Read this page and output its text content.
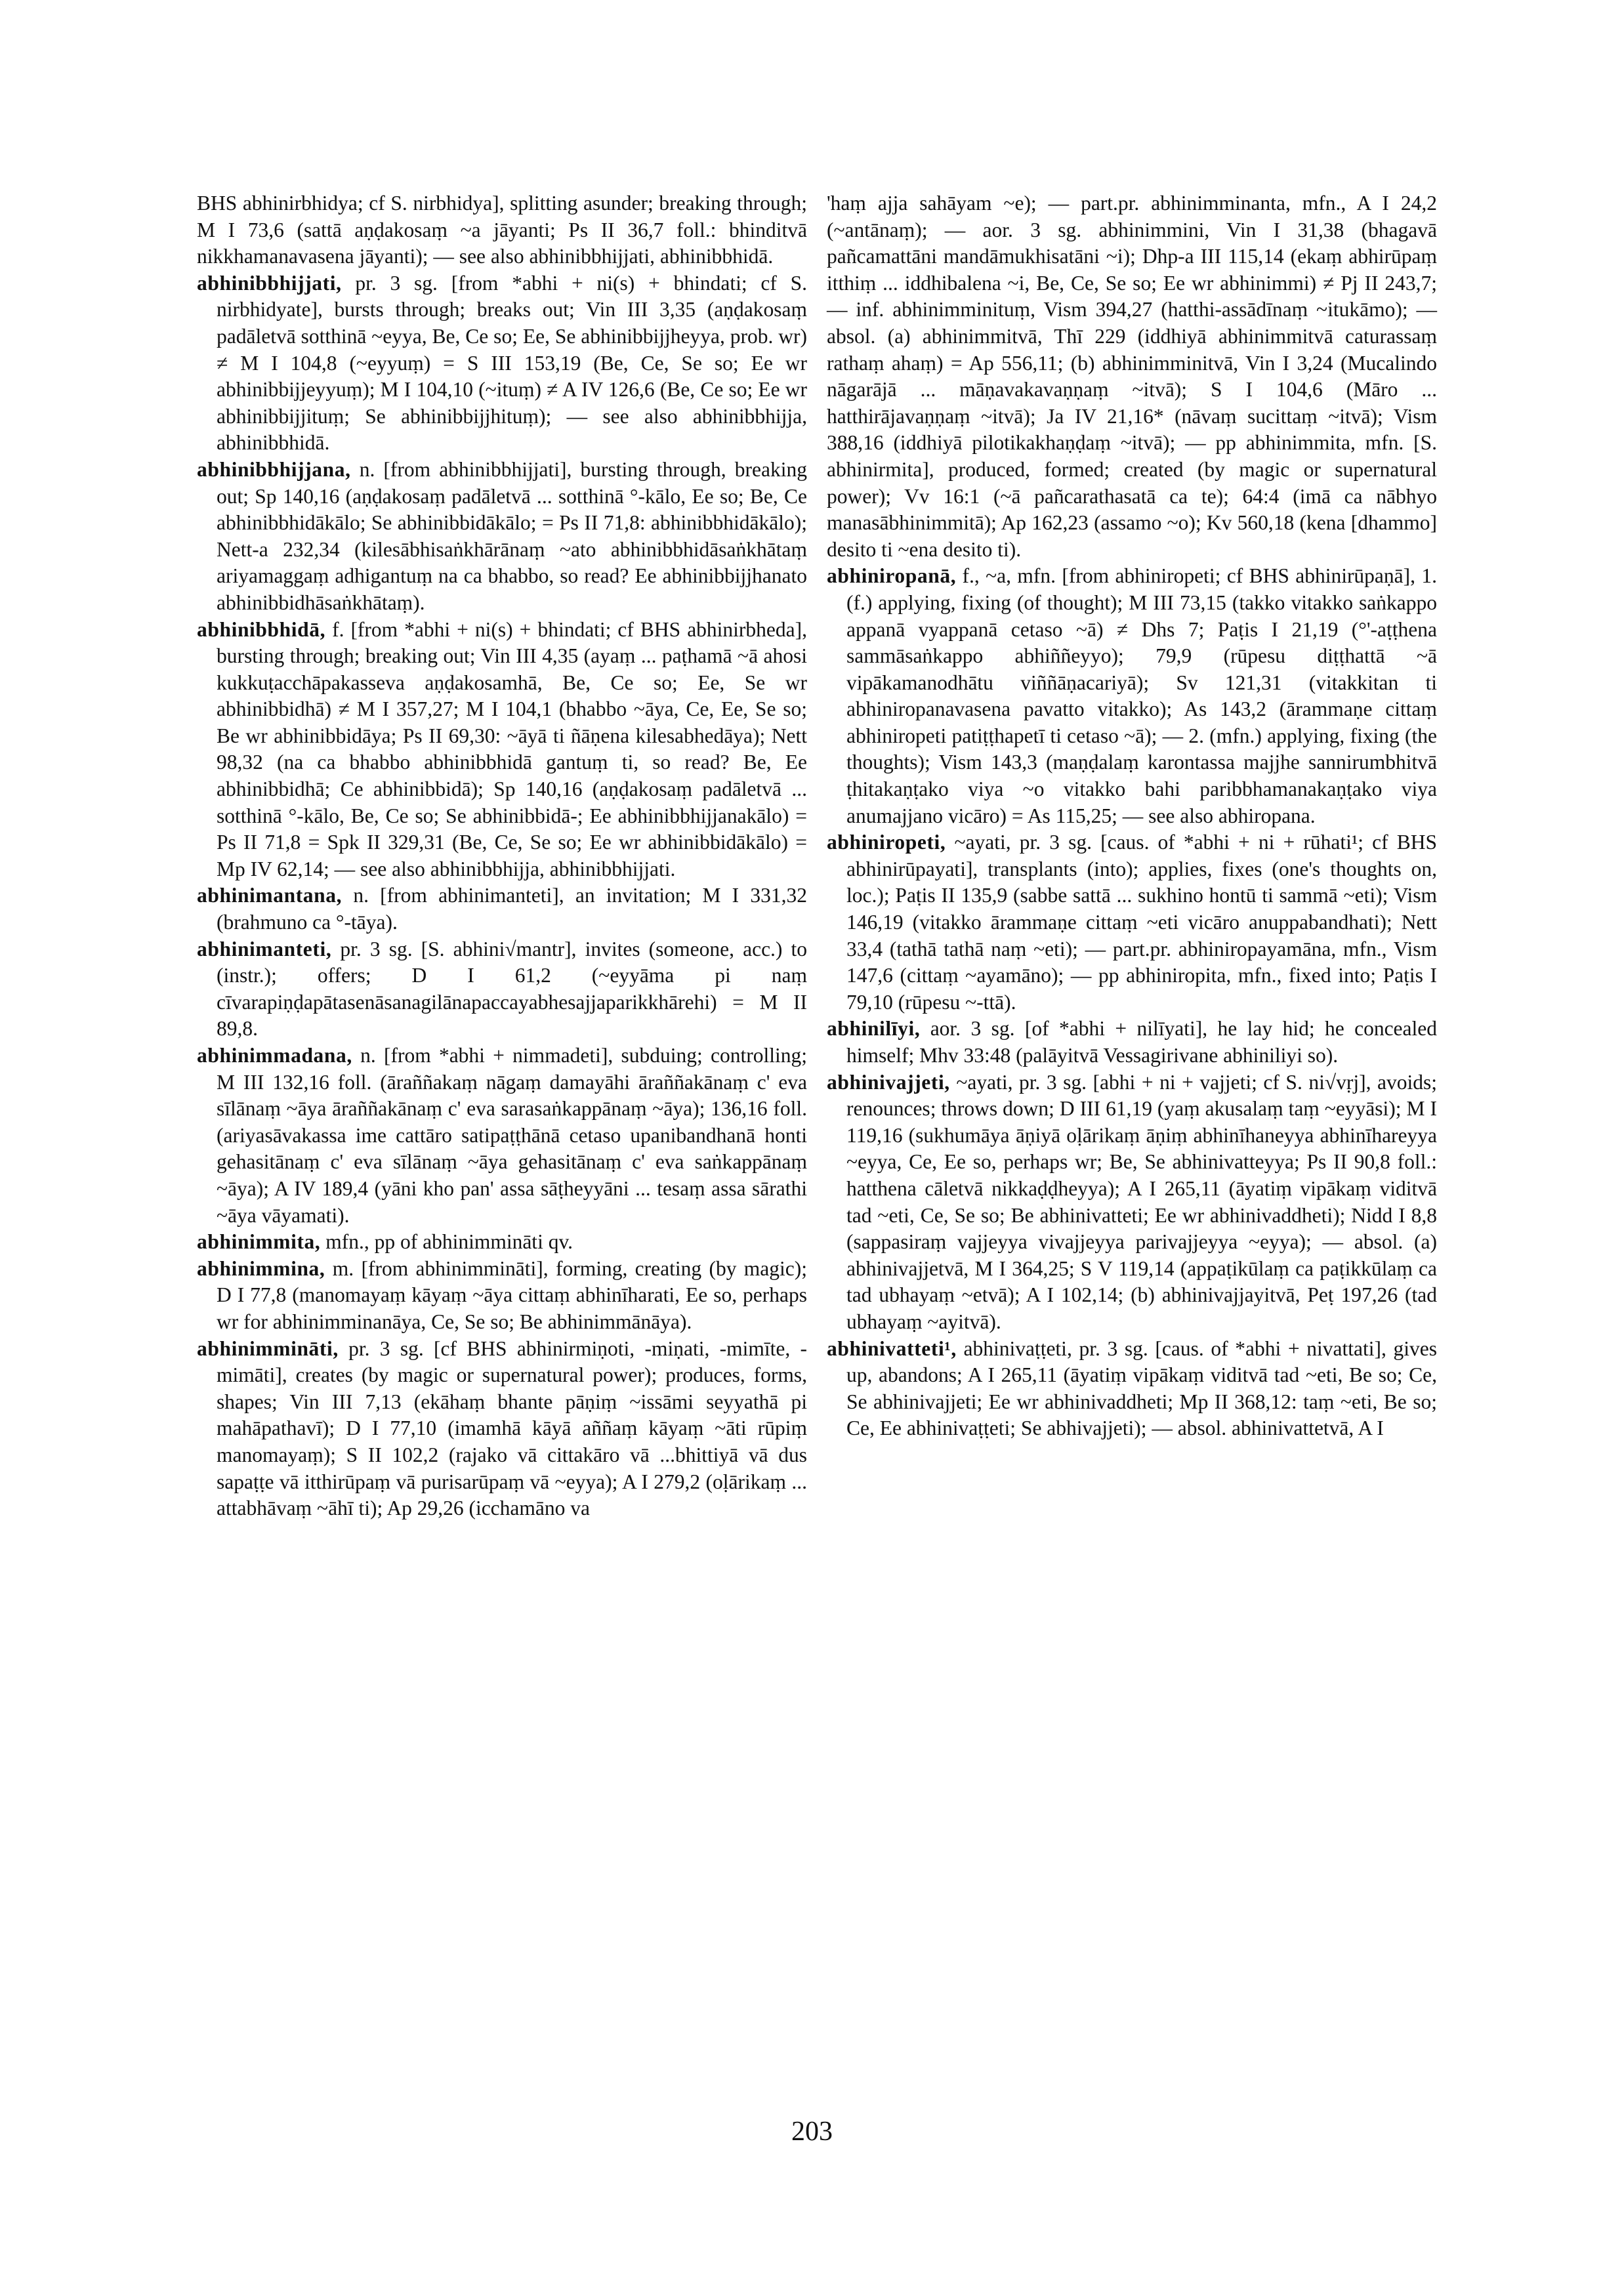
BHS abhinirbhidya; cf S. nirbhidya], splitting asunder; breaking through; M I 73,6 (sattā aṇḍakosaṃ ~a jāyanti; Ps II 36,7 foll.: bhinditvā nikkhamanavasena jāyanti); — see also abhinibbhijjati, abhinibbhidā.

abhinibbhijjati, pr. 3 sg. [from *abhi + ni(s) + bhindati; cf S. nirbhidyate], bursts through; breaks out; Vin III 3,35 (aṇḍakosaṃ padāletvā sotthinā ~eyya, Be, Ce so; Ee, Se abhinibbijjheyya, prob. wr) ≠ M I 104,8 (~eyyuṃ) = S III 153,19 (Be, Ce, Se so; Ee wr abhinibbijjeyyuṃ); M I 104,10 (~ituṃ) ≠ A IV 126,6 (Be, Ce so; Ee wr abhinibbijjituṃ; Se abhinibbijjhituṃ); — see also abhinibbhijja, abhinibbhidā.

abhinibbhijjana, n. [from abhinibbhijjati], bursting through, breaking out; Sp 140,16 (aṇḍakosaṃ padāletvā ... sotthinā °-kālo, Ee so; Be, Ce abhinibbhidākālo; Se abhinibbidākālo; = Ps II 71,8: abhinibbhidākālo); Nett-a 232,34 (kilesābhisaṅkhārānaṃ ~ato abhinibbhidāsaṅkhātaṃ ariyamaggaṃ adhigantuṃ na ca bhabbo, so read? Ee abhinibbijjhanato abhinibbidhāsaṅkhātaṃ).

abhinibbhidā, f. [from *abhi + ni(s) + bhindati; cf BHS abhinirbheda], bursting through; breaking out; Vin III 4,35 (ayaṃ ... paṭhamā ~ā ahosi kukkuṭacchāpakasseva aṇḍakosamhā, Be, Ce so; Ee, Se wr abhinibbidhā) ≠ M I 357,27; M I 104,1 (bhabbo ~āya, Ce, Ee, Se so; Be wr abhinibbidāya; Ps II 69,30: ~āyā ti ñāṇena kilesabhedāya); Nett 98,32 (na ca bhabbo abhinibbhidā gantuṃ ti, so read? Be, Ee abhinibbidhā; Ce abhinibbidā); Sp 140,16 (aṇḍakosaṃ padāletvā ... sotthinā °-kālo, Be, Ce so; Se abhinibbidā-; Ee abhinibbhijjanakālo) = Ps II 71,8 = Spk II 329,31 (Be, Ce, Se so; Ee wr abhinibbidākālo) = Mp IV 62,14; — see also abhinibbhijja, abhinibbhijjati.

abhinimantana, n. [from abhinimanteti], an invitation; M I 331,32 (brahmuno ca °-tāya).

abhinimanteti, pr. 3 sg. [S. abhini√mantr], invites (someone, acc.) to (instr.); offers; D I 61,2 (~eyyāma pi naṃ cīvarapiṇḍapātasenāsanagilānapaccayabhesajjaparikkhārehi) = M II 89,8.

abhinimmadana, n. [from *abhi + nimmadeti], subduing; controlling; M III 132,16 foll. (āraññakaṃ nāgaṃ damayāhi āraññakānaṃ c' eva sīlānaṃ ~āya āraññakānaṃ c' eva sarasaṅkappānaṃ ~āya); 136,16 foll. (ariyasāvakassa ime cattāro satipaṭṭhānā cetaso upanibandhanā honti gehasitānaṃ c' eva sīlānaṃ ~āya gehasitānaṃ c' eva saṅkappānaṃ ~āya); A IV 189,4 (yāni kho pan' assa sāṭheyyāni ... tesaṃ assa sārathi ~āya vāyamati).

abhinimmita, mfn., pp of abhinimmināti qv.

abhinimmina, m. [from abhinimmināti], forming, creating (by magic); D I 77,8 (manomayaṃ kāyaṃ ~āya cittaṃ abhinīharati, Ee so, perhaps wr for abhinimminanāya, Ce, Se so; Be abhinimmānāya).

abhinimmināti, pr. 3 sg. [cf BHS abhinirmiṇoti, -miṇati, -mimīte, -mimāti], creates (by magic or supernatural power); produces, forms, shapes; Vin III 7,13 (ekāhaṃ bhante pāṇiṃ ~issāmi seyyathā pi mahāpathavī); D I 77,10 (imamhā kāyā aññaṃ kāyaṃ ~āti rūpiṃ manomayaṃ); S II 102,2 (rajako vā cittakāro vā ...bhittiyā vā dus sapaṭṭe vā itthirūpaṃ vā purisarūpaṃ vā ~eyya); A I 279,2 (oḷārikaṃ ... attabhāvaṃ ~āhī ti); Ap 29,26 (icchamāno va

'haṃ ajja sahāyam ~e); — part.pr. abhinimminanta, mfn., A I 24,2 (~antānaṃ); — aor. 3 sg. abhinimmini, Vin I 31,38 (bhagavā pañcamattāni mandāmukhisatāni ~i); Dhp-a III 115,14 (ekaṃ abhirūpaṃ itthiṃ ... iddhibalena ~i, Be, Ce, Se so; Ee wr abhinimmi) ≠ Pj II 243,7; — inf. abhinimminituṃ, Vism 394,27 (hatthi-assādīnaṃ ~itukāmo); — absol. (a) abhinimmitvā, Thī 229 (iddhiyā abhinimmitvā caturassaṃ rathaṃ ahaṃ) = Ap 556,11; (b) abhinimminitvā, Vin I 3,24 (Mucalindo nāgarājā ... māṇavakavaṇṇaṃ ~itvā); S I 104,6 (Māro ... hatthirājavaṇṇaṃ ~itvā); Ja IV 21,16* (nāvaṃ sucittaṃ ~itvā); Vism 388,16 (iddhiyā pilotikakhaṇḍaṃ ~itvā); — pp abhinimmita, mfn. [S. abhinirmita], produced, formed; created (by magic or supernatural power); Vv 16:1 (~ā pañcarathasatā ca te); 64:4 (imā ca nābhyo manasābhinimmitā); Ap 162,23 (assamo ~o); Kv 560,18 (kena [dhammo] desito ti ~ena desito ti).

abhiniropanā, f., ~a, mfn. [from abhiniropeti; cf BHS abhinirūpaṇā], 1. (f.) applying, fixing (of thought); M III 73,15 (takko vitakko saṅkappo appanā vyappanā cetaso ~ā) ≠ Dhs 7; Paṭis I 21,19 (°'-aṭṭhena sammāsaṅkappo abhiññeyyo); 79,9 (rūpesu diṭṭhattā ~ā vipākamanodhātu viññāṇacariyā); Sv 121,31 (vitakkitan ti abhiniropanavasena pavatto vitakko); As 143,2 (ārammaṇe cittaṃ abhiniropeti patiṭṭhapetī ti cetaso ~ā); — 2. (mfn.) applying, fixing (the thoughts); Vism 143,3 (maṇḍalaṃ karontassa majjhe sannirumbhitvā ṭhitakaṇṭako viya ~o vitakko bahi paribbhamanakaṇṭako viya anumajjano vicāro) = As 115,25; — see also abhiropana.

abhiniropeti, ~ayati, pr. 3 sg. [caus. of *abhi + ni + rūhati¹; cf BHS abhinirūpayati], transplants (into); applies, fixes (one's thoughts on, loc.); Paṭis II 135,9 (sabbe sattā ... sukhino hontū ti sammā ~eti); Vism 146,19 (vitakko ārammaṇe cittaṃ ~eti vicāro anuppabandhati); Nett 33,4 (tathā tathā naṃ ~eti); — part.pr. abhiniropayamāna, mfn., Vism 147,6 (cittaṃ ~ayamāno); — pp abhiniropita, mfn., fixed into; Paṭis I 79,10 (rūpesu ~-ttā).

abhinilīyi, aor. 3 sg. [of *abhi + nilīyati], he lay hid; he concealed himself; Mhv 33:48 (palāyitvā Vessagirivane abhiniliyi so).

abhinivajjeti, ~ayati, pr. 3 sg. [abhi + ni + vajjeti; cf S. ni√vṛj], avoids; renounces; throws down; D III 61,19 (yaṃ akusalaṃ taṃ ~eyyāsi); M I 119,16 (sukhumāya āṇiyā oḷārikaṃ āṇiṃ abhinīhaneyya abhinīhareyya ~eyya, Ce, Ee so, perhaps wr; Be, Se abhinivatteyya; Ps II 90,8 foll.: hatthena cāletvā nikkaḍḍheyya); A I 265,11 (āyatiṃ vipākaṃ viditvā tad ~eti, Ce, Se so; Be abhinivatteti; Ee wr abhinivaddheti); Nidd I 8,8 (sappasiraṃ vajjeyya vivajjeyya parivajjeyya ~eyya); — absol. (a) abhinivajjetvā, M I 364,25; S V 119,14 (appaṭikūlaṃ ca paṭikkūlaṃ ca tad ubhayaṃ ~etvā); A I 102,14; (b) abhinivajjayitvā, Peṭ 197,26 (tad ubhayaṃ ~ayitvā).

abhinivatteti¹, abhinivaṭṭeti, pr. 3 sg. [caus. of *abhi + nivattati], gives up, abandons; A I 265,11 (āyatiṃ vipākaṃ viditvā tad ~eti, Be so; Ce, Se abhinivajjeti; Ee wr abhinivaddheti; Mp II 368,12: taṃ ~eti, Be so; Ce, Ee abhinivaṭṭeti; Se abhivajjeti); — absol. abhinivattetvā, A I

203
